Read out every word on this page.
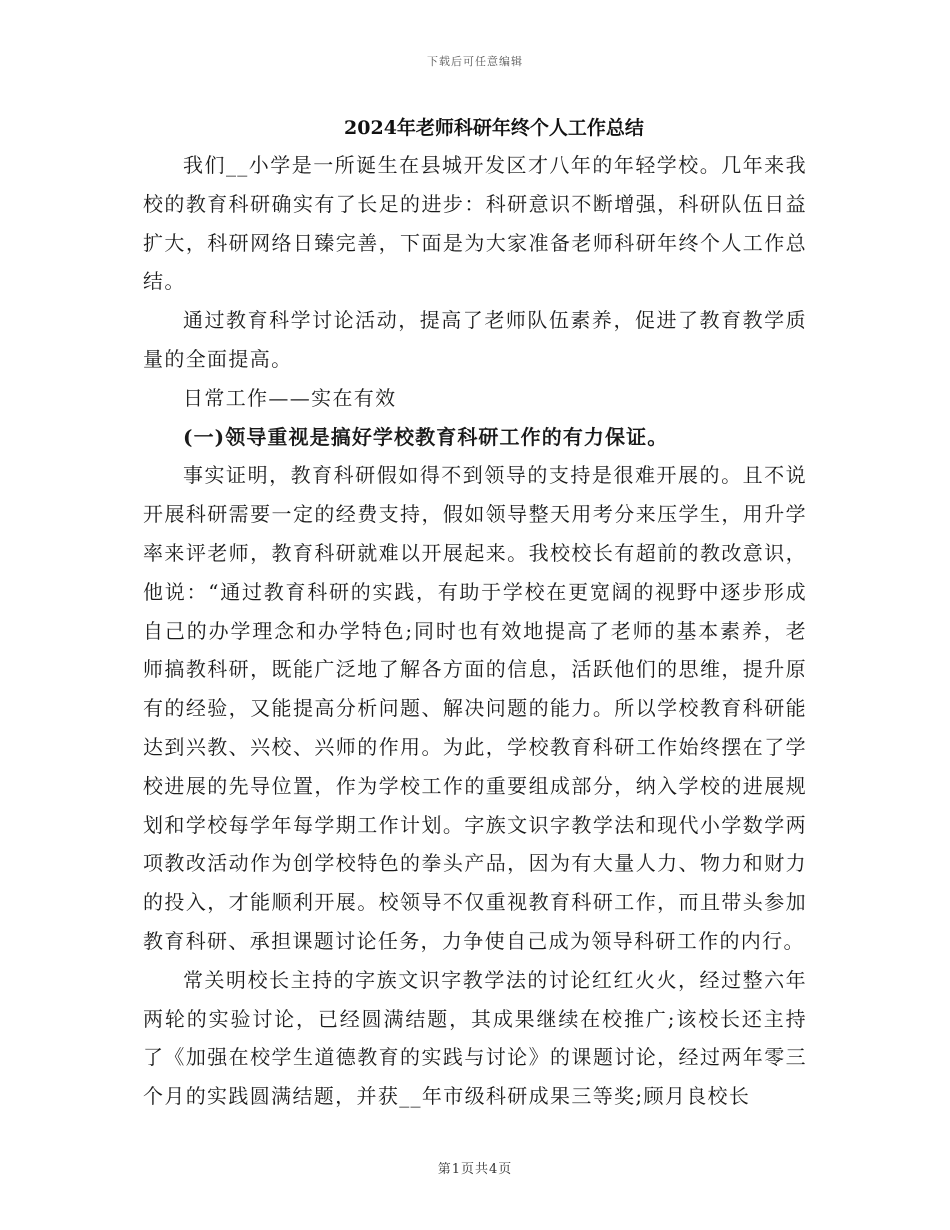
下载后可任意编辑
2024年老师科研年终个人工作总结

我们__小学是一所诞生在县城开发区才八年的年轻学校。几年来我校的教育科研确实有了长足的进步：科研意识不断增强，科研队伍日益扩大，科研网络日臻完善，下面是为大家准备老师科研年终个人工作总结。

通过教育科学讨论活动，提高了老师队伍素养，促进了教育教学质量的全面提高。

日常工作——实在有效

(一)领导重视是搞好学校教育科研工作的有力保证。

事实证明，教育科研假如得不到领导的支持是很难开展的。且不说开展科研需要一定的经费支持，假如领导整天用考分来压学生，用升学率来评老师，教育科研就难以开展起来。我校校长有超前的教改意识，他说：“通过教育科研的实践，有助于学校在更宽阔的视野中逐步形成自己的办学理念和办学特色;同时也有效地提高了老师的基本素养，老师搞教科研，既能广泛地了解各方面的信息，活跃他们的思维，提升原有的经验，又能提高分析问题、解决问题的能力。所以学校教育科研能达到兴教、兴校、兴师的作用。为此，学校教育科研工作始终摆在了学校进展的先导位置，作为学校工作的重要组成部分，纳入学校的进展规划和学校每学年每学期工作计划。字族文识字教学法和现代小学数学两项教改活动作为创学校特色的拳头产品，因为有大量人力、物力和财力的投入，才能顺利开展。校领导不仅重视教育科研工作，而且带头参加教育科研、承担课题讨论任务，力争使自己成为领导科研工作的内行。

常关明校长主持的字族文识字教学法的讨论红红火火，经过整六年两轮的实验讨论，已经圆满结题，其成果继续在校推广;该校长还主持了《加强在校学生道德教育的实践与讨论》的课题讨论，经过两年零三个月的实践圆满结题，并获__年市级科研成果三等奖;顾月良校长

第1页共4页
